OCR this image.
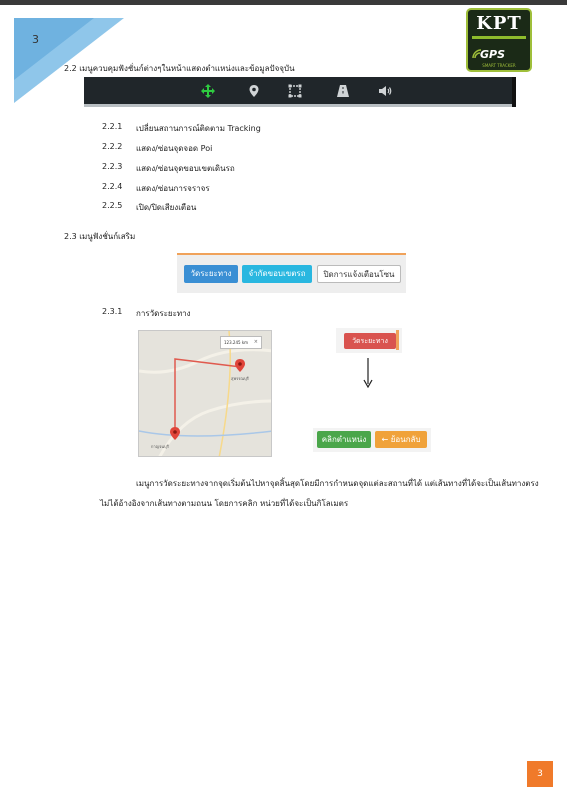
3
KPT
GPS
SMART TRACKER
2.2 เมนูควบคุมฟังชั่นก์ต่างๆในหน้าแสดงตำแหน่งและข้อมูลปัจจุบัน
2.2.1 เปลี่ยนสถานการณ์ติดตาม Tracking
2.2.2 แสดง/ซ่อนจุดจอด Poi
2.2.3 แสดง/ซ่อนจุดขอบเขตเดินรถ
2.2.4 แสดง/ซ่อนการจราจร
2.2.5 เปิด/ปิดเสียงเตือน
2.3 เมนูฟังชั่นก์เสริม
วัดระยะทาง	จำกัดขอบเขตรถ	ปิดการแจ้งเตือนโซน
2.3.1 การวัดระยะทาง
123.245 km ×
สุพรรณบุรี
กาญจนบุรี
วัดระยะทาง
คลิกตำแหน่ง	← ย้อนกลับ
เมนูการวัดระยะทางจากจุดเริ่มต้นไปหาจุดสิ้นสุดโดยมีการกำหนดจุดแต่ละสถานที่ได้ แต่เส้นทางที่ได้จะเป็นเส้นทางตรง
ไม่ได้อ้างอิงจากเส้นทางตามถนน โดยการคลิก หน่วยที่ได้จะเป็นกิโลเมตร
3
